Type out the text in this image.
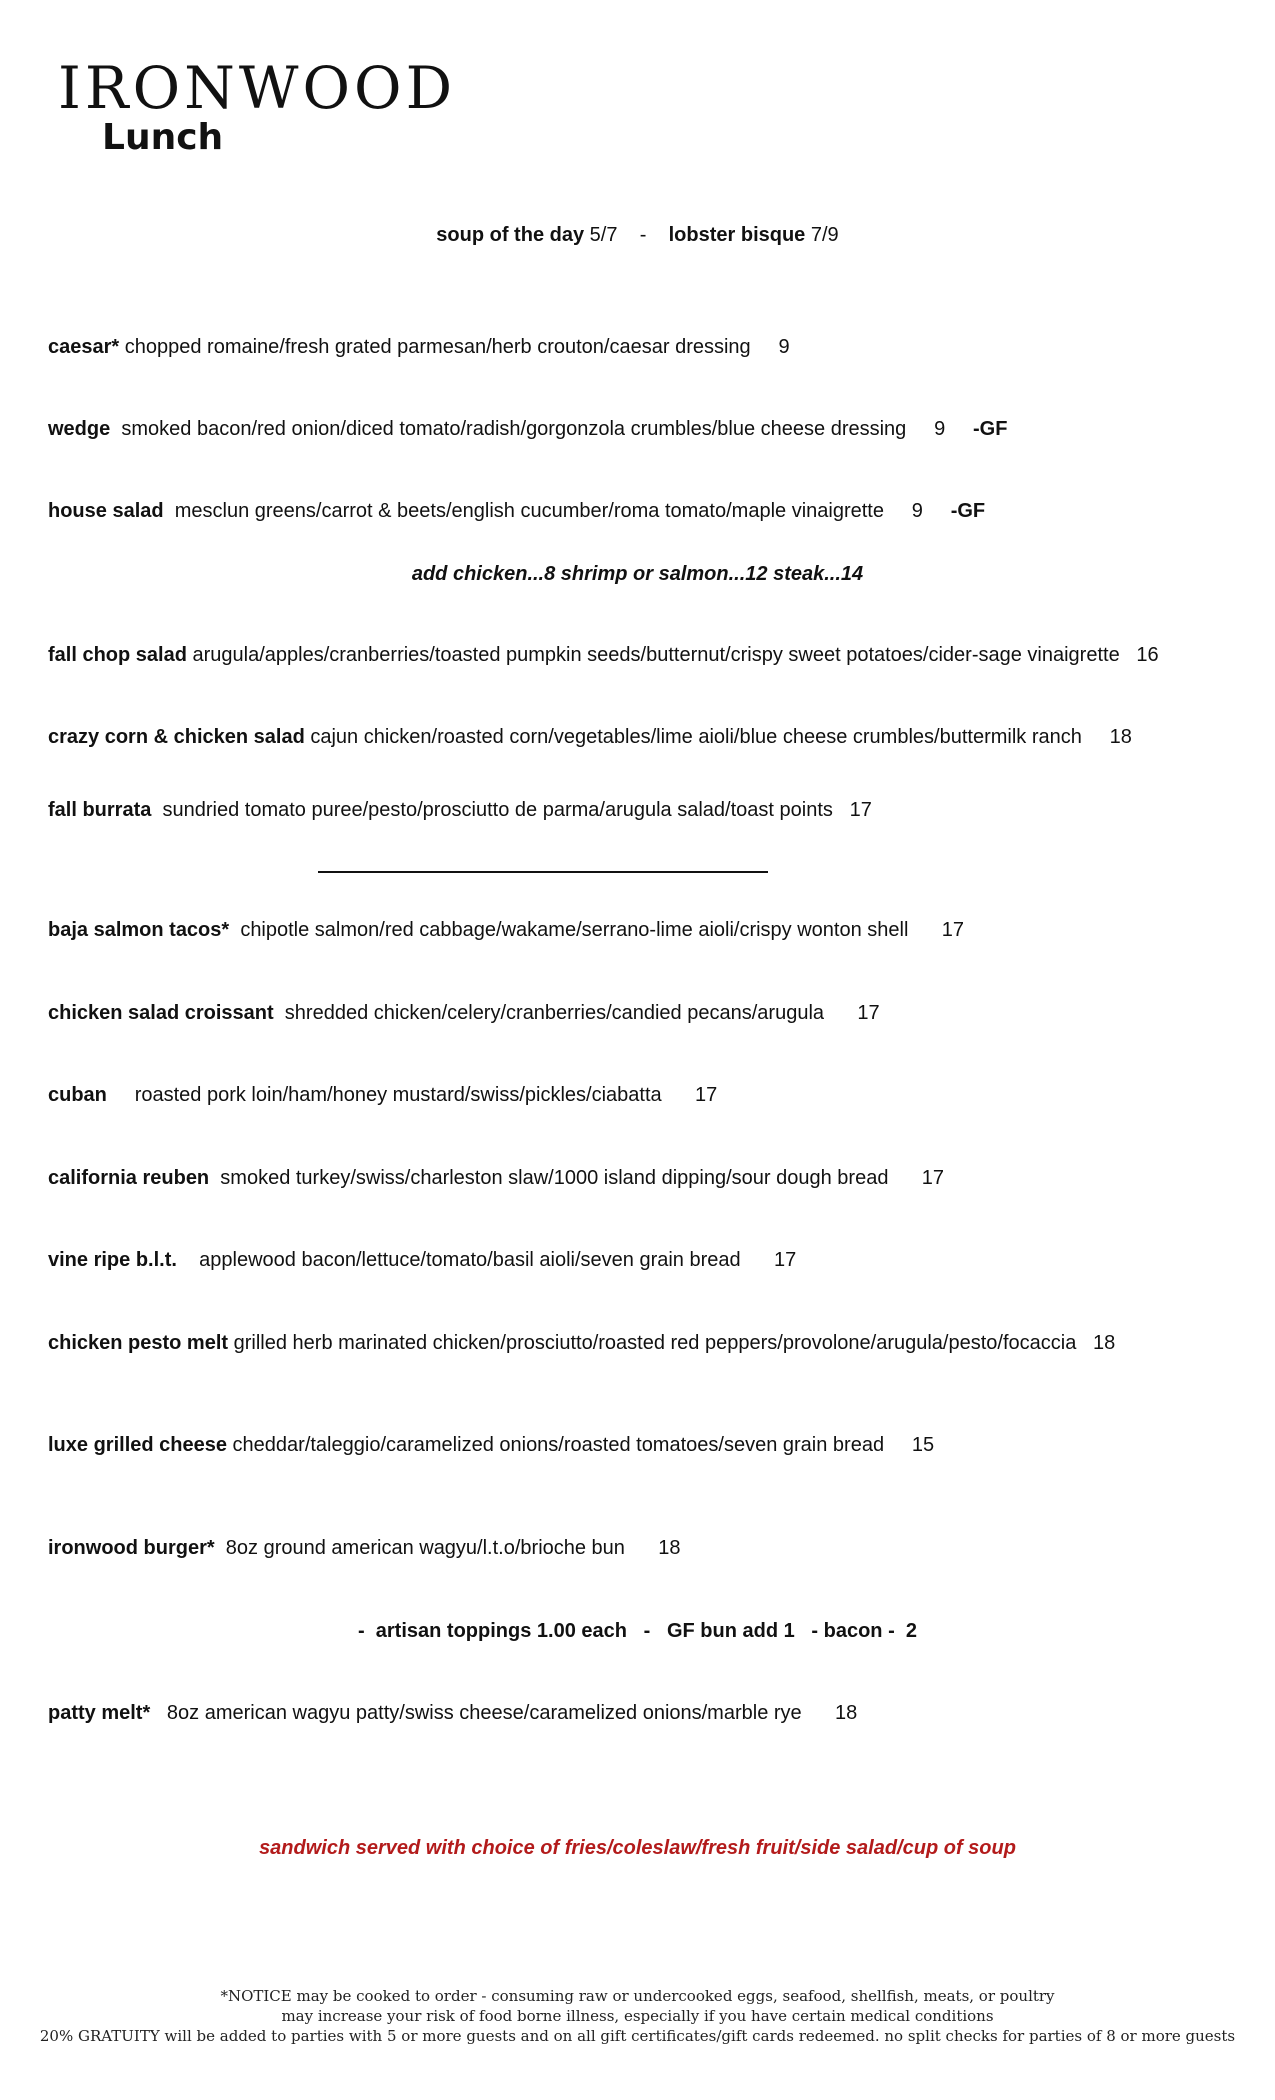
IRONWOOD
Lunch
soup of the day 5/7 - lobster bisque 7/9
caesar* chopped romaine/fresh grated parmesan/herb crouton/caesar dressing 9
wedge smoked bacon/red onion/diced tomato/radish/gorgonzola crumbles/blue cheese dressing 9 -GF
house salad mesclun greens/carrot & beets/english cucumber/roma tomato/maple vinaigrette 9 -GF
add chicken...8 shrimp or salmon...12 steak...14
fall chop salad arugula/apples/cranberries/toasted pumpkin seeds/butternut/crispy sweet potatoes/cider-sage vinaigrette 16
crazy corn & chicken salad cajun chicken/roasted corn/vegetables/lime aioli/blue cheese crumbles/buttermilk ranch 18
fall burrata sundried tomato puree/pesto/prosciutto de parma/arugula salad/toast points 17
baja salmon tacos* chipotle salmon/red cabbage/wakame/serrano-lime aioli/crispy wonton shell 17
chicken salad croissant shredded chicken/celery/cranberries/candied pecans/arugula 17
cuban roasted pork loin/ham/honey mustard/swiss/pickles/ciabatta 17
california reuben smoked turkey/swiss/charleston slaw/1000 island dipping/sour dough bread 17
vine ripe b.l.t. applewood bacon/lettuce/tomato/basil aioli/seven grain bread 17
chicken pesto melt grilled herb marinated chicken/prosciutto/roasted red peppers/provolone/arugula/pesto/focaccia 18
luxe grilled cheese cheddar/taleggio/caramelized onions/roasted tomatoes/seven grain bread 15
ironwood burger* 8oz ground american wagyu/l.t.o/brioche bun 18
-  artisan toppings 1.00 each   -   GF bun add 1   - bacon -  2
patty melt* 8oz american wagyu patty/swiss cheese/caramelized onions/marble rye 18
sandwich served with choice of fries/coleslaw/fresh fruit/side salad/cup of soup
*NOTICE may be cooked to order - consuming raw or undercooked eggs, seafood, shellfish, meats, or poultry
may increase your risk of food borne illness, especially if you have certain medical conditions
20% GRATUITY will be added to parties with 5 or more guests and on all gift certificates/gift cards redeemed. no split checks for parties of 8 or more guests
